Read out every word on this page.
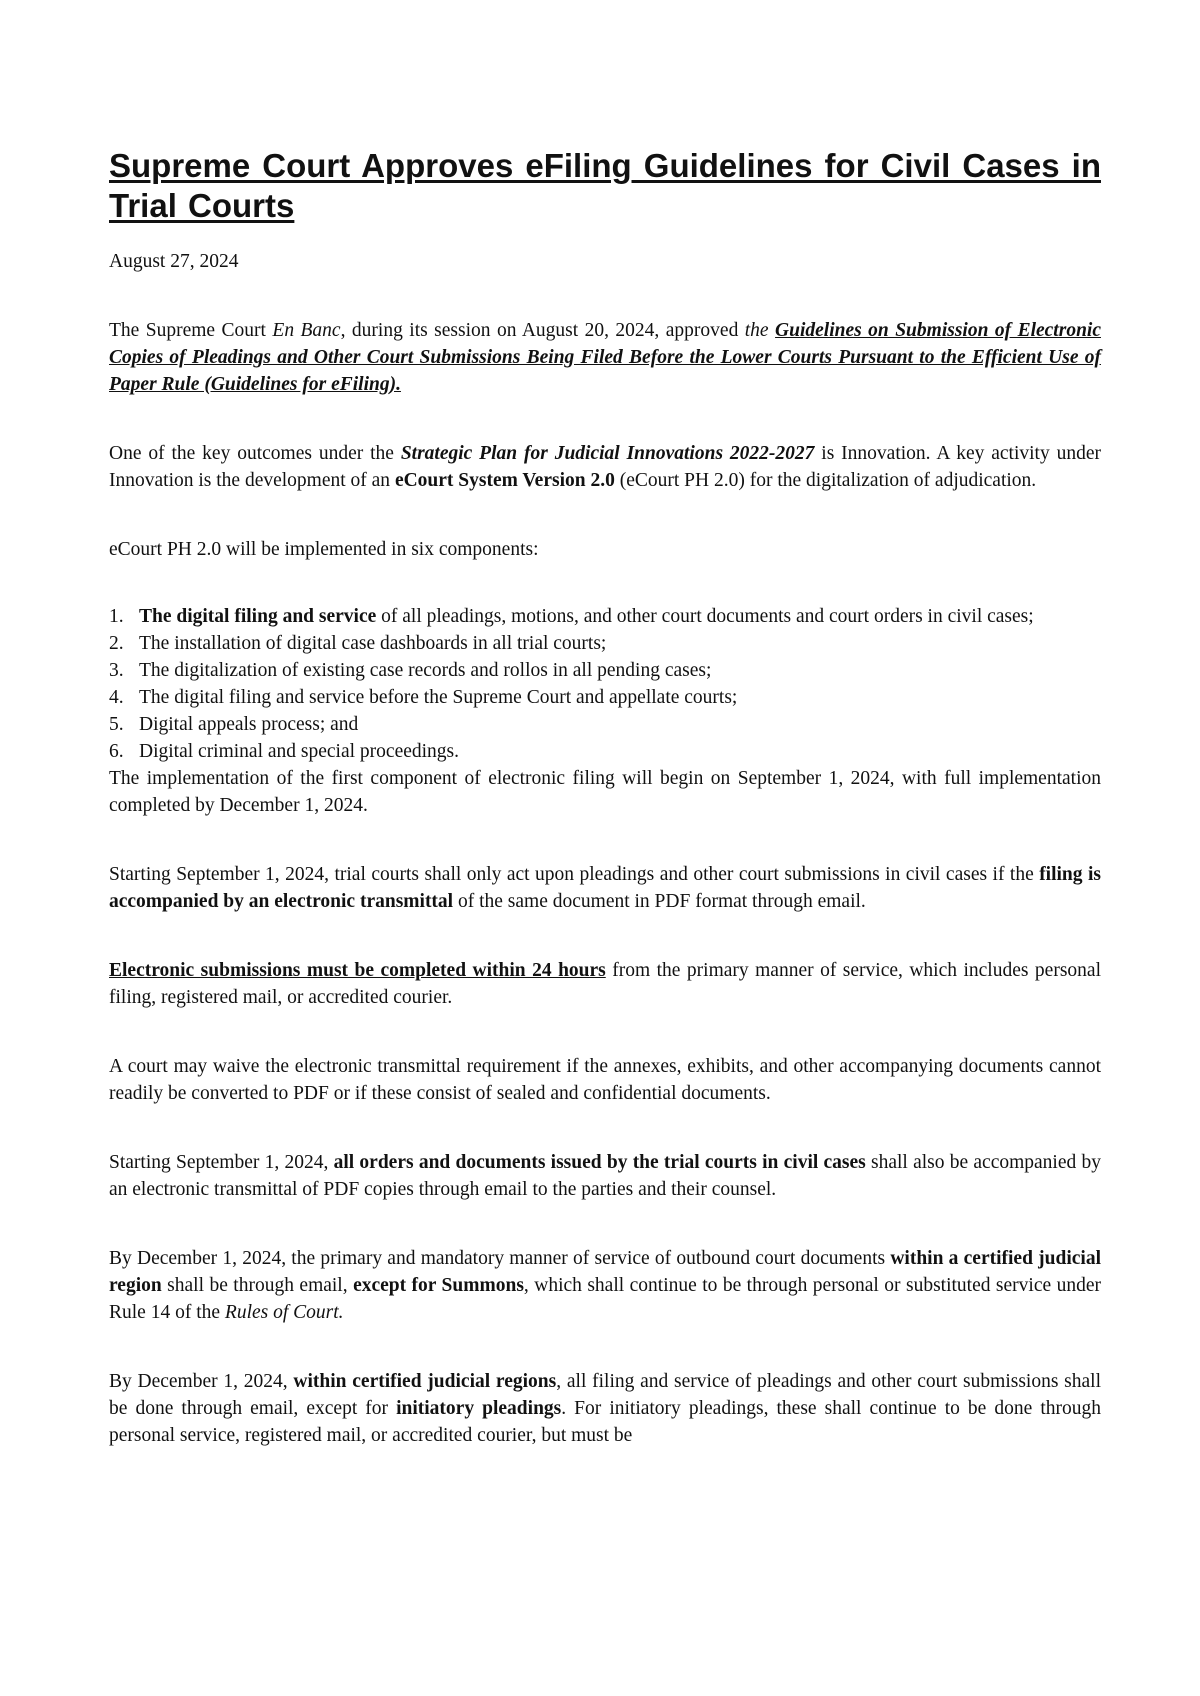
Supreme Court Approves eFiling Guidelines for Civil Cases in Trial Courts

August 27, 2024

The Supreme Court En Banc, during its session on August 20, 2024, approved the Guidelines on Submission of Electronic Copies of Pleadings and Other Court Submissions Being Filed Before the Lower Courts Pursuant to the Efficient Use of Paper Rule (Guidelines for eFiling).

One of the key outcomes under the Strategic Plan for Judicial Innovations 2022-2027 is Innovation. A key activity under Innovation is the development of an eCourt System Version 2.0 (eCourt PH 2.0) for the digitalization of adjudication.

eCourt PH 2.0 will be implemented in six components:

1. The digital filing and service of all pleadings, motions, and other court documents and court orders in civil cases;
2. The installation of digital case dashboards in all trial courts;
3. The digitalization of existing case records and rollos in all pending cases;
4. The digital filing and service before the Supreme Court and appellate courts;
5. Digital appeals process; and
6. Digital criminal and special proceedings.

The implementation of the first component of electronic filing will begin on September 1, 2024, with full implementation completed by December 1, 2024.

Starting September 1, 2024, trial courts shall only act upon pleadings and other court submissions in civil cases if the filing is accompanied by an electronic transmittal of the same document in PDF format through email.

Electronic submissions must be completed within 24 hours from the primary manner of service, which includes personal filing, registered mail, or accredited courier.

A court may waive the electronic transmittal requirement if the annexes, exhibits, and other accompanying documents cannot readily be converted to PDF or if these consist of sealed and confidential documents.

Starting September 1, 2024, all orders and documents issued by the trial courts in civil cases shall also be accompanied by an electronic transmittal of PDF copies through email to the parties and their counsel.

By December 1, 2024, the primary and mandatory manner of service of outbound court documents within a certified judicial region shall be through email, except for Summons, which shall continue to be through personal or substituted service under Rule 14 of the Rules of Court.

By December 1, 2024, within certified judicial regions, all filing and service of pleadings and other court submissions shall be done through email, except for initiatory pleadings. For initiatory pleadings, these shall continue to be done through personal service, registered mail, or accredited courier, but must be
